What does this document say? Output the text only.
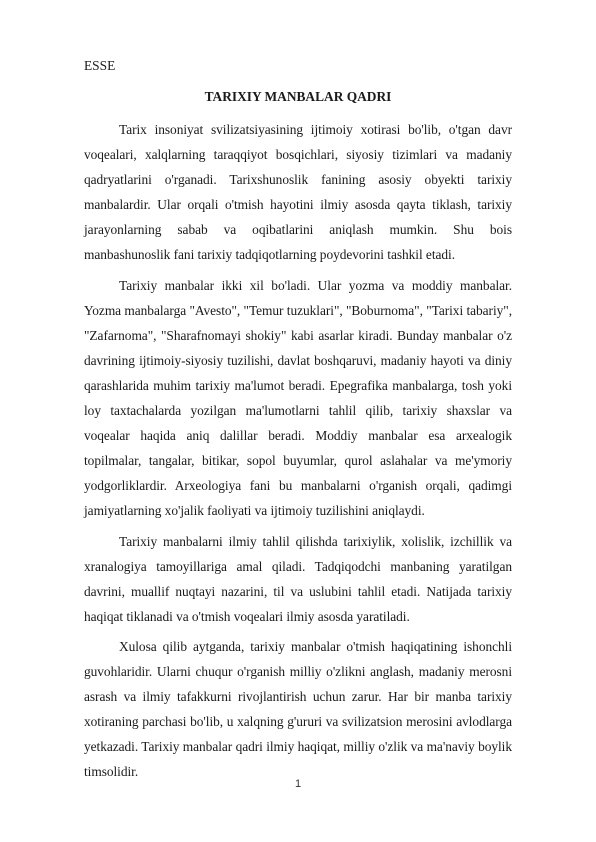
ESSE
TARIXIY MANBALAR QADRI

Tarix insoniyat svilizatsiyasining ijtimoiy xotirasi bo'lib, o'tgan davr voqealari, xalqlarning taraqqiyot bosqichlari, siyosiy tizimlari va madaniy qadryatlarini o'rganadi. Tarixshunoslik fanining asosiy obyekti tarixiy manbalardir. Ular orqali o'tmish hayotini ilmiy asosda qayta tiklash, tarixiy jarayonlarning sabab va oqibatlarini aniqlash mumkin. Shu bois manbashunoslik fani tarixiy tadqiqotlarning poydevorini tashkil etadi.

Tarixiy manbalar ikki xil bo'ladi. Ular yozma va moddiy manbalar. Yozma manbalarga "Avesto", "Temur tuzuklari", "Boburnoma", "Tarixi tabariy", "Zafarnoma", "Sharafnomayi shokiy" kabi asarlar kiradi. Bunday manbalar o'z davrining ijtimoiy-siyosiy tuzilishi, davlat boshqaruvi, madaniy hayoti va diniy qarashlarida muhim tarixiy ma'lumot beradi. Epegrafika manbalarga, tosh yoki loy taxtachalarda yozilgan ma'lumotlarni tahlil qilib, tarixiy shaxslar va voqealar haqida aniq dalillar beradi. Moddiy manbalar esa arxealogik topilmalar, tangalar, bitikar, sopol buyumlar, qurol aslahalar va me'ymoriy yodgorliklardir. Arxeologiya fani bu manbalarni o'rganish orqali, qadimgi jamiyatlarning xo'jalik faoliyati va ijtimoiy tuzilishini aniqlaydi.

Tarixiy manbalarni ilmiy tahlil qilishda tarixiylik, xolislik, izchillik va xranalogiya tamoyillariga amal qiladi. Tadqiqodchi manbaning yaratilgan davrini, muallif nuqtayi nazarini, til va uslubini tahlil etadi. Natijada tarixiy haqiqat tiklanadi va o'tmish voqealari ilmiy asosda yaratiladi.

Xulosa qilib aytganda, tarixiy manbalar o'tmish haqiqatining ishonchli guvohlaridir. Ularni chuqur o'rganish milliy o'zlikni anglash, madaniy merosni asrash va ilmiy tafakkurni rivojlantirish uchun zarur. Har bir manba tarixiy xotiraning parchasi bo'lib, u xalqning g'ururi va svilizatsion merosini avlodlarga yetkazadi. Tarixiy manbalar qadri ilmiy haqiqat, milliy o'zlik va ma'naviy boylik timsolidir.

1
